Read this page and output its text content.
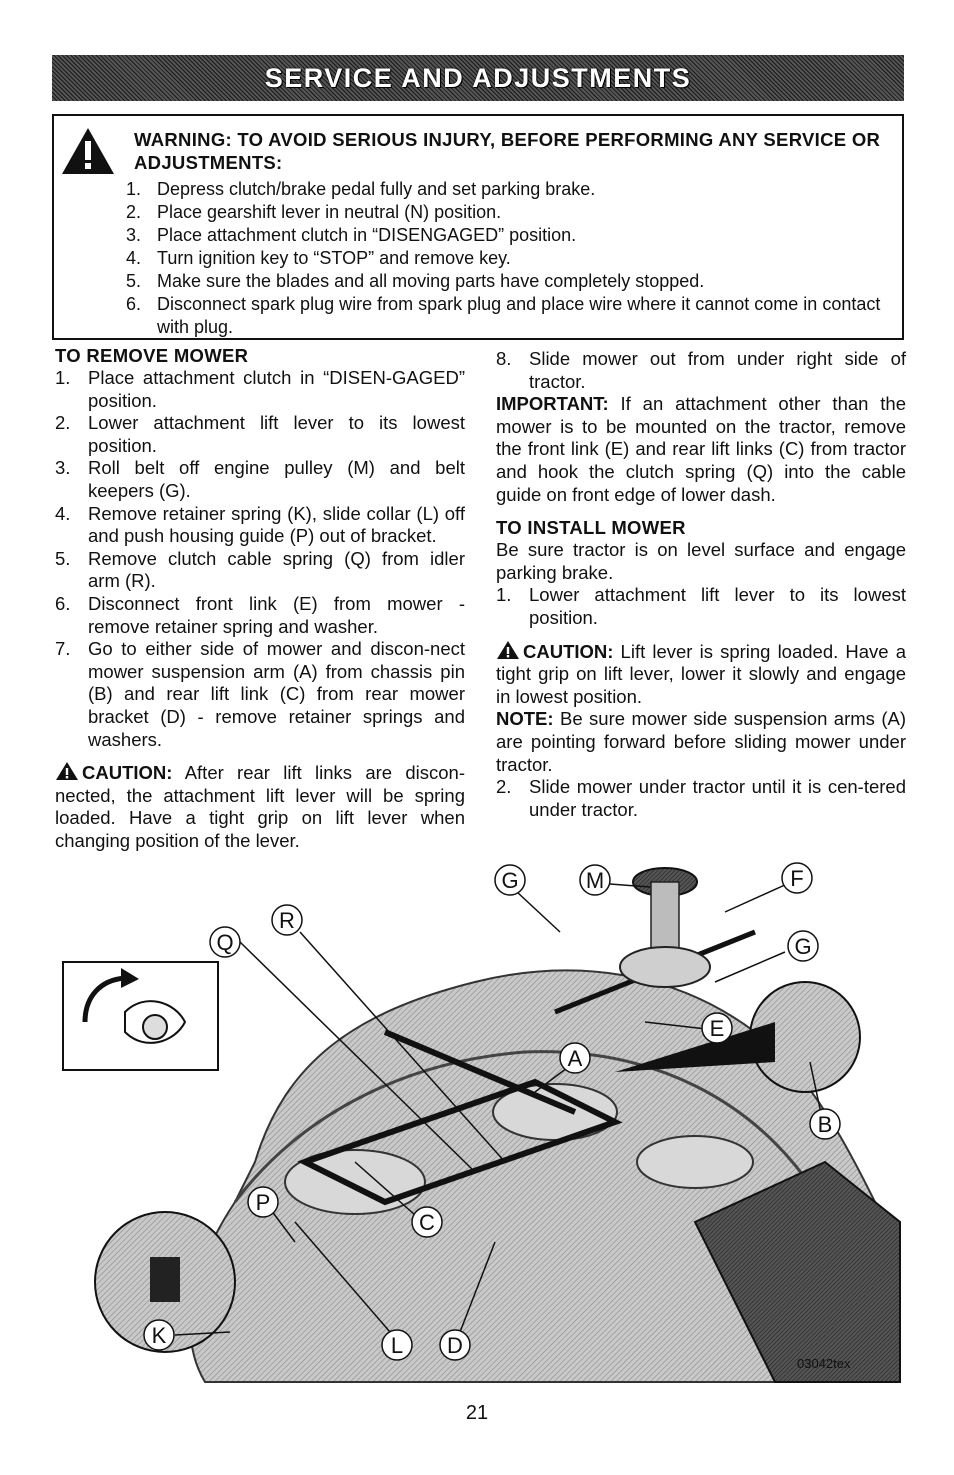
SERVICE AND ADJUSTMENTS
WARNING: TO AVOID SERIOUS INJURY, BEFORE PERFORMING ANY SERVICE OR ADJUSTMENTS:
1. Depress clutch/brake pedal fully and set parking brake.
2. Place gearshift lever in neutral (N) position.
3. Place attachment clutch in “DISENGAGED” position.
4. Turn ignition key to “STOP” and remove key.
5. Make sure the blades and all moving parts have completely stopped.
6. Disconnect spark plug wire from spark plug and place wire where it cannot come in contact with plug.
TO REMOVE MOWER
1. Place attachment clutch in “DISEN-GAGED” position.
2. Lower attachment lift lever to its lowest position.
3. Roll belt off engine pulley (M) and belt keepers (G).
4. Remove retainer spring (K), slide collar (L) off and push housing guide (P) out of bracket.
5. Remove clutch cable spring (Q) from idler arm (R).
6. Disconnect front link (E) from mower - remove retainer spring and washer.
7. Go to either side of mower and discon-nect mower suspension arm (A) from chassis pin (B) and rear lift link (C) from rear mower bracket (D) - remove retainer springs and washers.

CAUTION: After rear lift links are discon-nected, the attachment lift lever will be spring loaded. Have a tight grip on lift lever when changing position of the lever.

8. Slide mower out from under right side of tractor.

IMPORTANT: If an attachment other than the mower is to be mounted on the tractor, remove the front link (E) and rear lift links (C) from tractor and hook the clutch spring (Q) into the cable guide on front edge of lower dash.

TO INSTALL MOWER

Be sure tractor is on level surface and engage parking brake.

1. Lower attachment lift lever to its lowest position.

CAUTION: Lift lever is spring loaded. Have a tight grip on lift lever, lower it slowly and engage in lowest position.

NOTE: Be sure mower side suspension arms (A) are pointing forward before sliding mower under tractor.

2. Slide mower under tractor until it is cen-tered under tractor.
Q
R
G	M	F
G
A
E
B
P
C
K	L D
03042tex
21
